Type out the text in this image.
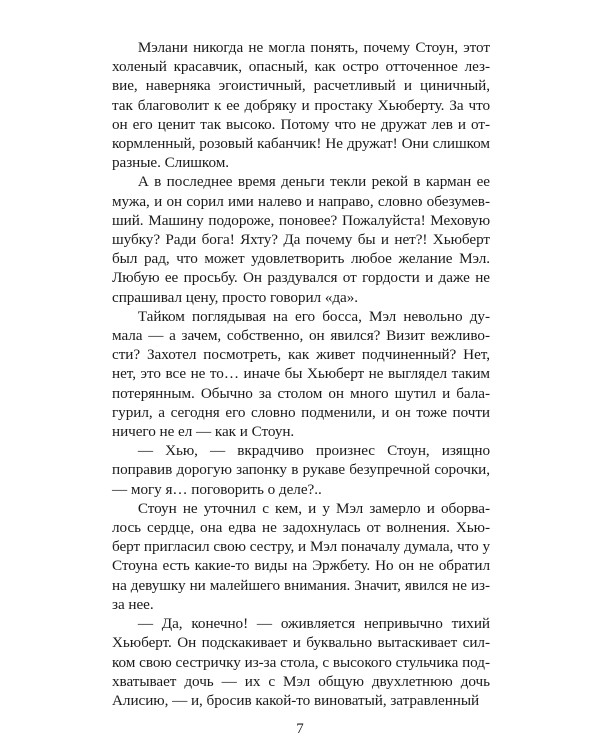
Мэлани никогда не могла понять, почему Стоун, этот холеный красавчик, опасный, как остро отточенное лезвие, наверняка эгоистичный, расчетливый и циничный, так благоволит к ее добряку и простаку Хьюберту. За что он его ценит так высоко. Потому что не дружат лев и откормленный, розовый кабанчик! Не дружат! Они слишком разные. Слишком.

А в последнее время деньги текли рекой в карман ее мужа, и он сорил ими налево и направо, словно обезумевший. Машину подороже, поновее? Пожалуйста! Меховую шубку? Ради бога! Яхту? Да почему бы и нет?! Хьюберт был рад, что может удовлетворить любое желание Мэл. Любую ее просьбу. Он раздувался от гордости и даже не спрашивал цену, просто говорил «да».

Тайком поглядывая на его босса, Мэл невольно думала — а зачем, собственно, он явился? Визит вежливости? Захотел посмотреть, как живет подчиненный? Нет, нет, это все не то… иначе бы Хьюберт не выглядел таким потерянным. Обычно за столом он много шутил и балагурил, а сегодня его словно подменили, и он тоже почти ничего не ел — как и Стоун.

— Хью, — вкрадчиво произнес Стоун, изящно поправив дорогую запонку в рукаве безупречной сорочки, — могу я… поговорить о деле?..

Стоун не уточнил с кем, и у Мэл замерло и оборвалось сердце, она едва не задохнулась от волнения. Хьюберт пригласил свою сестру, и Мэл поначалу думала, что у Стоуна есть какие-то виды на Эржбету. Но он не обратил на девушку ни малейшего внимания. Значит, явился не из-за нее.

— Да, конечно! — оживляется непривычно тихий Хьюберт. Он подскакивает и буквально вытаскивает силком свою сестричку из-за стола, с высокого стульчика подхватывает дочь — их с Мэл общую двухлетнюю дочь Алисию, — и, бросив какой-то виноватый, затравленный

7
